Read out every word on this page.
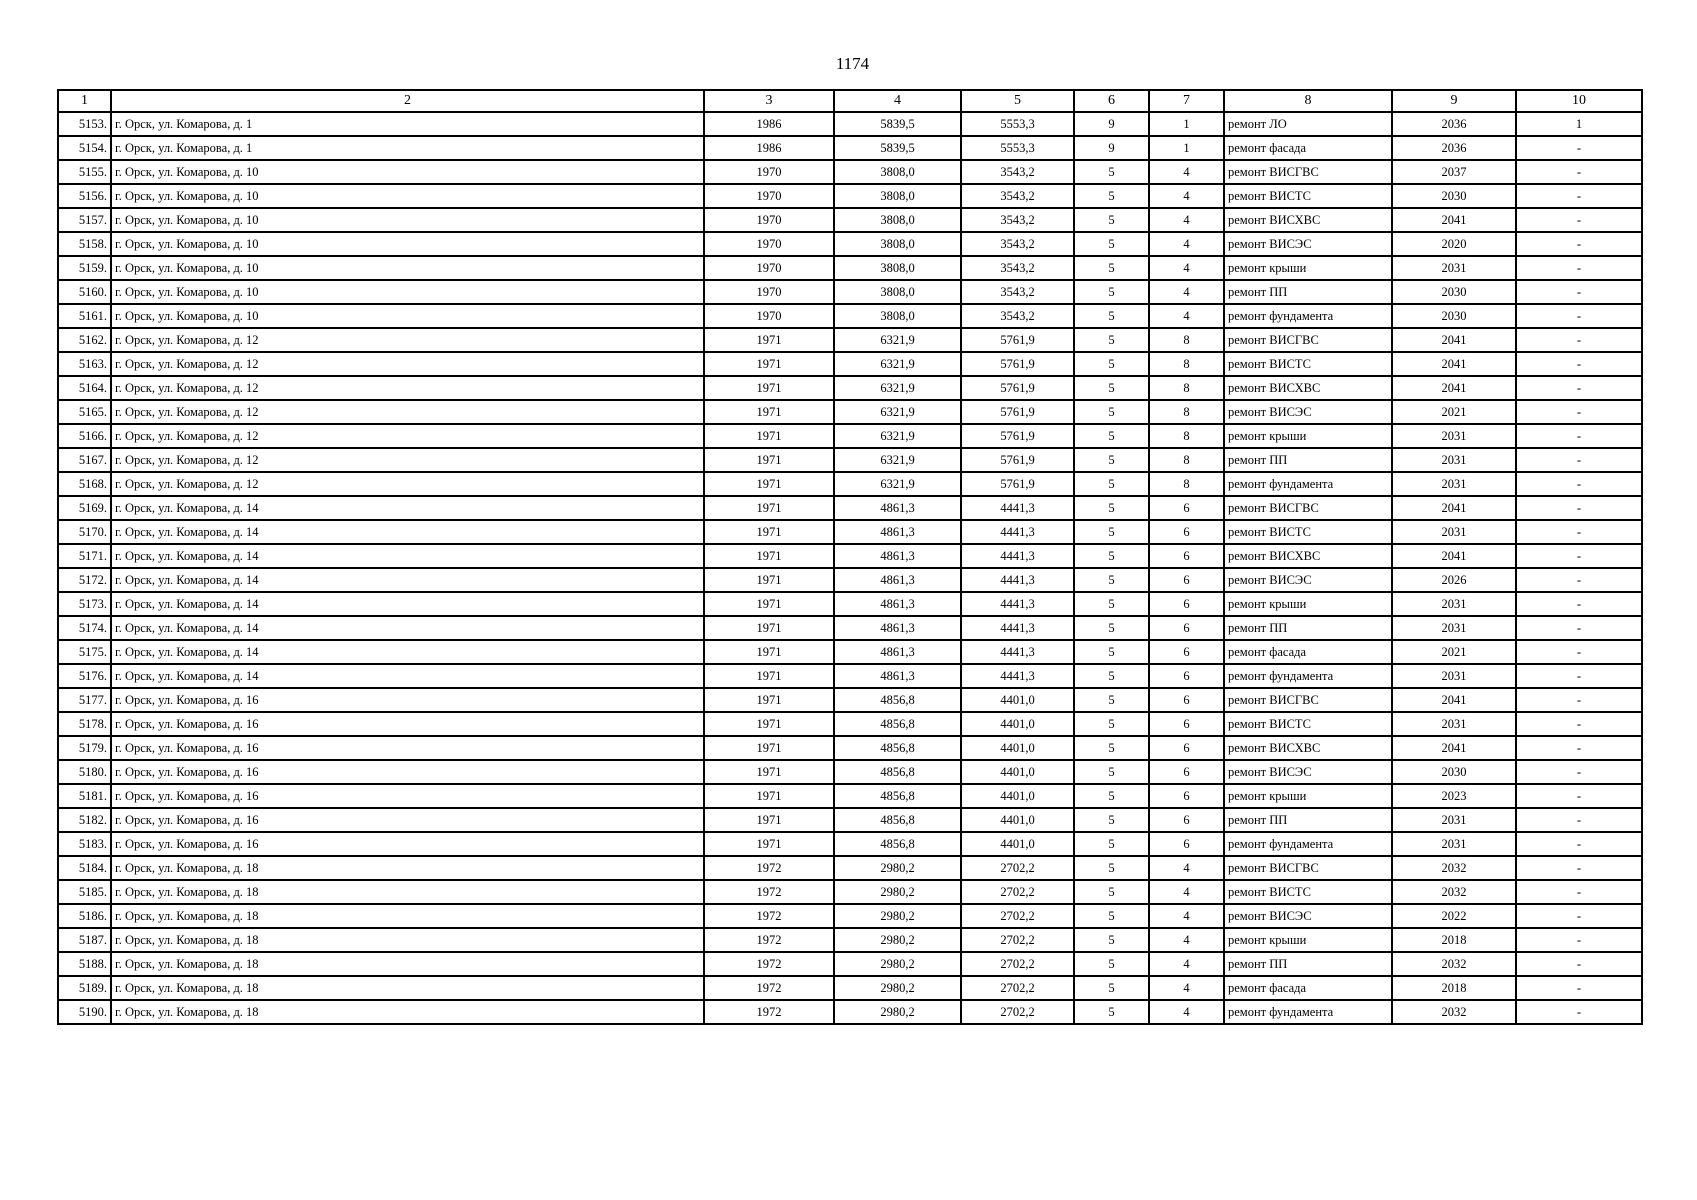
1174
1	2	3	4	5	6	7	8	9	10
5153.	г. Орск, ул. Комарова, д. 1	1986	5839,5	5553,3	9	1	ремонт ЛО	2036	1
5154.	г. Орск, ул. Комарова, д. 1	1986	5839,5	5553,3	9	1	ремонт фасада	2036	-
5155.	г. Орск, ул. Комарова, д. 10	1970	3808,0	3543,2	5	4	ремонт ВИСГВС	2037	-
5156.	г. Орск, ул. Комарова, д. 10	1970	3808,0	3543,2	5	4	ремонт ВИСТС	2030	-
5157.	г. Орск, ул. Комарова, д. 10	1970	3808,0	3543,2	5	4	ремонт ВИСХВС	2041	-
5158.	г. Орск, ул. Комарова, д. 10	1970	3808,0	3543,2	5	4	ремонт ВИСЭС	2020	-
5159.	г. Орск, ул. Комарова, д. 10	1970	3808,0	3543,2	5	4	ремонт крыши	2031	-
5160.	г. Орск, ул. Комарова, д. 10	1970	3808,0	3543,2	5	4	ремонт ПП	2030	-
5161.	г. Орск, ул. Комарова, д. 10	1970	3808,0	3543,2	5	4	ремонт фундамента	2030	-
5162.	г. Орск, ул. Комарова, д. 12	1971	6321,9	5761,9	5	8	ремонт ВИСГВС	2041	-
5163.	г. Орск, ул. Комарова, д. 12	1971	6321,9	5761,9	5	8	ремонт ВИСТС	2041	-
5164.	г. Орск, ул. Комарова, д. 12	1971	6321,9	5761,9	5	8	ремонт ВИСХВС	2041	-
5165.	г. Орск, ул. Комарова, д. 12	1971	6321,9	5761,9	5	8	ремонт ВИСЭС	2021	-
5166.	г. Орск, ул. Комарова, д. 12	1971	6321,9	5761,9	5	8	ремонт крыши	2031	-
5167.	г. Орск, ул. Комарова, д. 12	1971	6321,9	5761,9	5	8	ремонт ПП	2031	-
5168.	г. Орск, ул. Комарова, д. 12	1971	6321,9	5761,9	5	8	ремонт фундамента	2031	-
5169.	г. Орск, ул. Комарова, д. 14	1971	4861,3	4441,3	5	6	ремонт ВИСГВС	2041	-
5170.	г. Орск, ул. Комарова, д. 14	1971	4861,3	4441,3	5	6	ремонт ВИСТС	2031	-
5171.	г. Орск, ул. Комарова, д. 14	1971	4861,3	4441,3	5	6	ремонт ВИСХВС	2041	-
5172.	г. Орск, ул. Комарова, д. 14	1971	4861,3	4441,3	5	6	ремонт ВИСЭС	2026	-
5173.	г. Орск, ул. Комарова, д. 14	1971	4861,3	4441,3	5	6	ремонт крыши	2031	-
5174.	г. Орск, ул. Комарова, д. 14	1971	4861,3	4441,3	5	6	ремонт ПП	2031	-
5175.	г. Орск, ул. Комарова, д. 14	1971	4861,3	4441,3	5	6	ремонт фасада	2021	-
5176.	г. Орск, ул. Комарова, д. 14	1971	4861,3	4441,3	5	6	ремонт фундамента	2031	-
5177.	г. Орск, ул. Комарова, д. 16	1971	4856,8	4401,0	5	6	ремонт ВИСГВС	2041	-
5178.	г. Орск, ул. Комарова, д. 16	1971	4856,8	4401,0	5	6	ремонт ВИСТС	2031	-
5179.	г. Орск, ул. Комарова, д. 16	1971	4856,8	4401,0	5	6	ремонт ВИСХВС	2041	-
5180.	г. Орск, ул. Комарова, д. 16	1971	4856,8	4401,0	5	6	ремонт ВИСЭС	2030	-
5181.	г. Орск, ул. Комарова, д. 16	1971	4856,8	4401,0	5	6	ремонт крыши	2023	-
5182.	г. Орск, ул. Комарова, д. 16	1971	4856,8	4401,0	5	6	ремонт ПП	2031	-
5183.	г. Орск, ул. Комарова, д. 16	1971	4856,8	4401,0	5	6	ремонт фундамента	2031	-
5184.	г. Орск, ул. Комарова, д. 18	1972	2980,2	2702,2	5	4	ремонт ВИСГВС	2032	-
5185.	г. Орск, ул. Комарова, д. 18	1972	2980,2	2702,2	5	4	ремонт ВИСТС	2032	-
5186.	г. Орск, ул. Комарова, д. 18	1972	2980,2	2702,2	5	4	ремонт ВИСЭС	2022	-
5187.	г. Орск, ул. Комарова, д. 18	1972	2980,2	2702,2	5	4	ремонт крыши	2018	-
5188.	г. Орск, ул. Комарова, д. 18	1972	2980,2	2702,2	5	4	ремонт ПП	2032	-
5189.	г. Орск, ул. Комарова, д. 18	1972	2980,2	2702,2	5	4	ремонт фасада	2018	-
5190.	г. Орск, ул. Комарова, д. 18	1972	2980,2	2702,2	5	4	ремонт фундамента	2032	-
